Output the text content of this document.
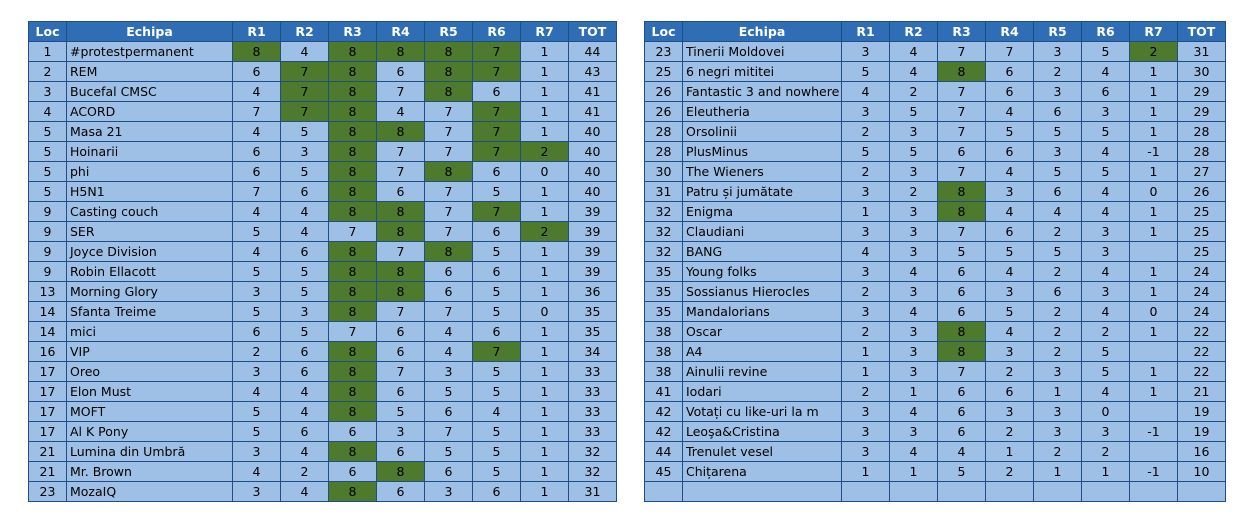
Loc	Echipa	R1	R2	R3	R4	R5	R6	R7	TOT
1	#protestpermanent	8	4	8	8	8	7	1	44
2	REM	6	7	8	6	8	7	1	43
3	Bucefal CMSC	4	7	8	7	8	6	1	41
4	ACORD	7	7	8	4	7	7	1	41
5	Masa 21	4	5	8	8	7	7	1	40
5	Hoinarii	6	3	8	7	7	7	2	40
5	phi	6	5	8	7	8	6	0	40
5	H5N1	7	6	8	6	7	5	1	40
9	Casting couch	4	4	8	8	7	7	1	39
9	SER	5	4	7	8	7	6	2	39
9	Joyce Division	4	6	8	7	8	5	1	39
9	Robin Ellacott	5	5	8	8	6	6	1	39
13	Morning Glory	3	5	8	8	6	5	1	36
14	Sfanta Treime	5	3	8	7	7	5	0	35
14	mici	6	5	7	6	4	6	1	35
16	VIP	2	6	8	6	4	7	1	34
17	Oreo	3	6	8	7	3	5	1	33
17	Elon Must	4	4	8	6	5	5	1	33
17	MOFT	5	4	8	5	6	4	1	33
17	Al K Pony	5	6	6	3	7	5	1	33
21	Lumina din Umbră	3	4	8	6	5	5	1	32
21	Mr. Brown	4	2	6	8	6	5	1	32
23	MozaIQ	3	4	8	6	3	6	1	31
Loc	Echipa	R1	R2	R3	R4	R5	R6	R7	TOT
23	Tinerii Moldovei	3	4	7	7	3	5	2	31
25	6 negri mititei	5	4	8	6	2	4	1	30
26	Fantastic 3 and nowhere	4	2	7	6	3	6	1	29
26	Eleutheria	3	5	7	4	6	3	1	29
28	Orsolinii	2	3	7	5	5	5	1	28
28	PlusMinus	5	5	6	6	3	4	-1	28
30	The Wieners	2	3	7	4	5	5	1	27
31	Patru și jumătate	3	2	8	3	6	4	0	26
32	Enigma	1	3	8	4	4	4	1	25
32	Claudiani	3	3	7	6	2	3	1	25
32	BANG	4	3	5	5	5	3		25
35	Young folks	3	4	6	4	2	4	1	24
35	Sossianus Hierocles	2	3	6	3	6	3	1	24
35	Mandalorians	3	4	6	5	2	4	0	24
38	Oscar	2	3	8	4	2	2	1	22
38	A4	1	3	8	3	2	5		22
38	Ainulii revine	1	3	7	2	3	5	1	22
41	Iodari	2	1	6	6	1	4	1	21
42	Votați cu like-uri la m	3	4	6	3	3	0		19
42	Leoşa&Cristina	3	3	6	2	3	3	-1	19
44	Trenulet vesel	3	4	4	1	2	2		16
45	Chițarena	1	1	5	2	1	1	-1	10
